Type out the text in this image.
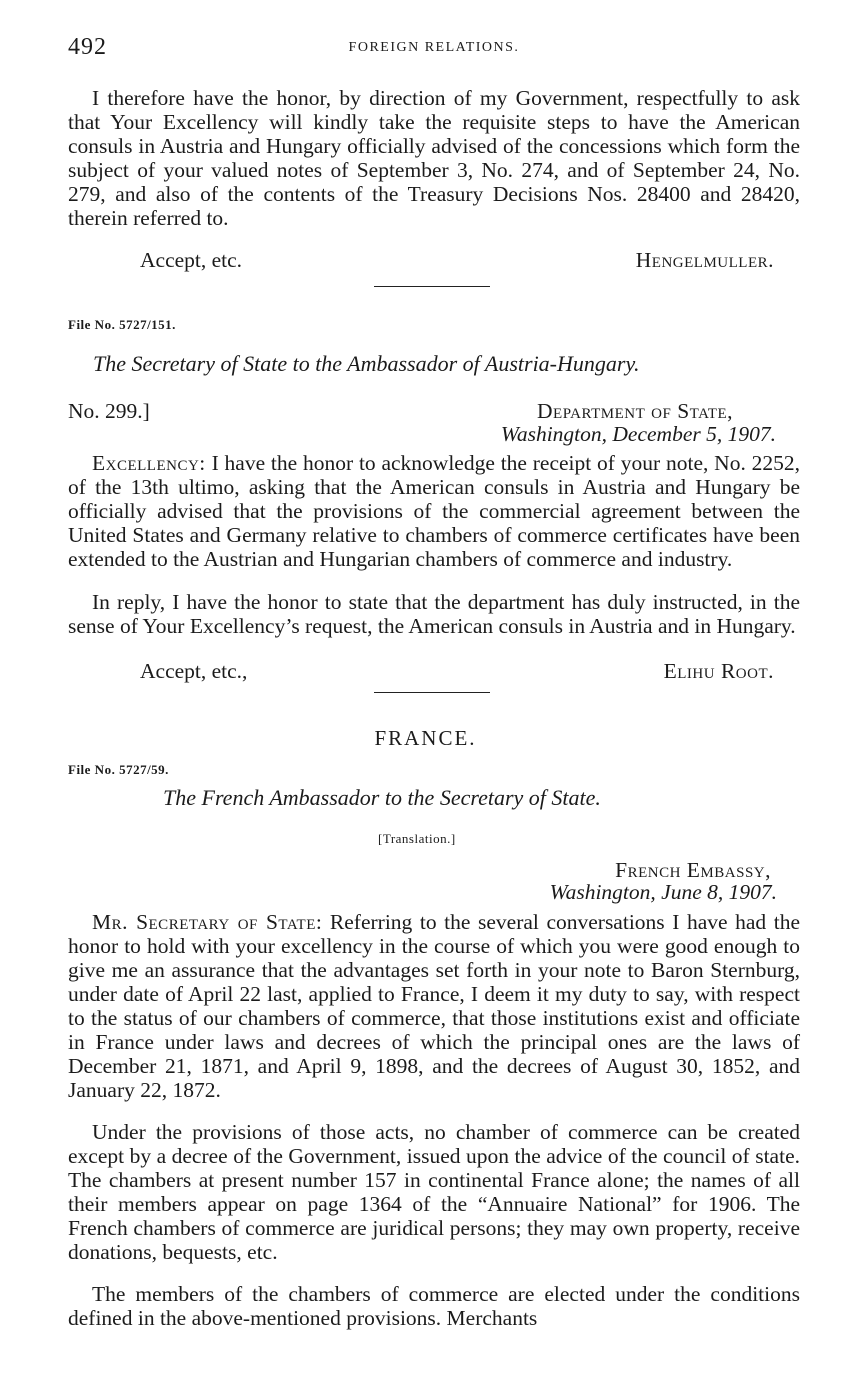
492	FOREIGN RELATIONS.
I therefore have the honor, by direction of my Government, respectfully to ask that Your Excellency will kindly take the requisite steps to have the American consuls in Austria and Hungary officially advised of the concessions which form the subject of your valued notes of September 3, No. 274, and of September 24, No. 279, and also of the contents of the Treasury Decisions Nos. 28400 and 28420, therein referred to.
Accept, etc.	Hengelmuller.
File No. 5727/151.
The Secretary of State to the Ambassador of Austria-Hungary.
No. 299.]	Department of State,
Washington, December 5, 1907.
Excellency: I have the honor to acknowledge the receipt of your note, No. 2252, of the 13th ultimo, asking that the American consuls in Austria and Hungary be officially advised that the provisions of the commercial agreement between the United States and Germany relative to chambers of commerce certificates have been extended to the Austrian and Hungarian chambers of commerce and industry.
In reply, I have the honor to state that the department has duly instructed, in the sense of Your Excellency’s request, the American consuls in Austria and in Hungary.
Accept, etc.,	Elihu Root.
FRANCE.
File No. 5727/59.
The French Ambassador to the Secretary of State.
[Translation.]
French Embassy,
Washington, June 8, 1907.
Mr. Secretary of State: Referring to the several conversations I have had the honor to hold with your excellency in the course of which you were good enough to give me an assurance that the advantages set forth in your note to Baron Sternburg, under date of April 22 last, applied to France, I deem it my duty to say, with respect to the status of our chambers of commerce, that those institutions exist and officiate in France under laws and decrees of which the principal ones are the laws of December 21, 1871, and April 9, 1898, and the decrees of August 30, 1852, and January 22, 1872.
Under the provisions of those acts, no chamber of commerce can be created except by a decree of the Government, issued upon the advice of the council of state. The chambers at present number 157 in continental France alone; the names of all their members appear on page 1364 of the “Annuaire National” for 1906. The French chambers of commerce are juridical persons; they may own property, receive donations, bequests, etc.
The members of the chambers of commerce are elected under the conditions defined in the above-mentioned provisions. Merchants
